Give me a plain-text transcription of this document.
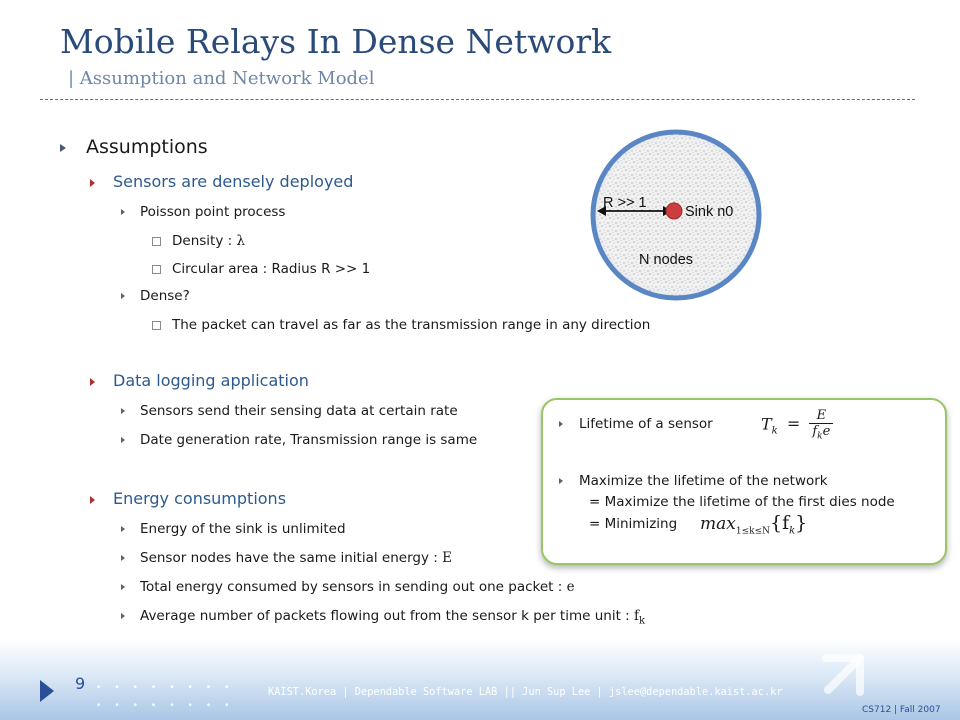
Mobile Relays In Dense Network
| Assumption and Network Model
Assumptions
Sensors are densely deployed
Poisson point process
Density : λ
Circular area : Radius R >> 1
Dense?
The packet can travel as far as the transmission range in any direction
Data logging application
Sensors send their sensing data at certain rate
Date generation rate, Transmission range is same
Energy consumptions
Energy of the sink is unlimited
Sensor nodes have the same initial energy : E
Total energy consumed by sensors in sending out one packet : e
Average number of packets flowing out from the sensor k per time unit : $f_k$
R >> 1
Sink n0
N nodes
Lifetime of a sensor	$T_k$ =	E
$f_ke$
Maximize the lifetime of the network
= Maximize the lifetime of the first dies node
= Minimizing $\max_{1\le k\le N}\{f_k\}$
9 ••••••••
••••••••
KAIST.Korea | Dependable Software LAB || Jun Sup Lee | jslee@dependable.kaist.ac.kr
CS712 | Fall 2007
